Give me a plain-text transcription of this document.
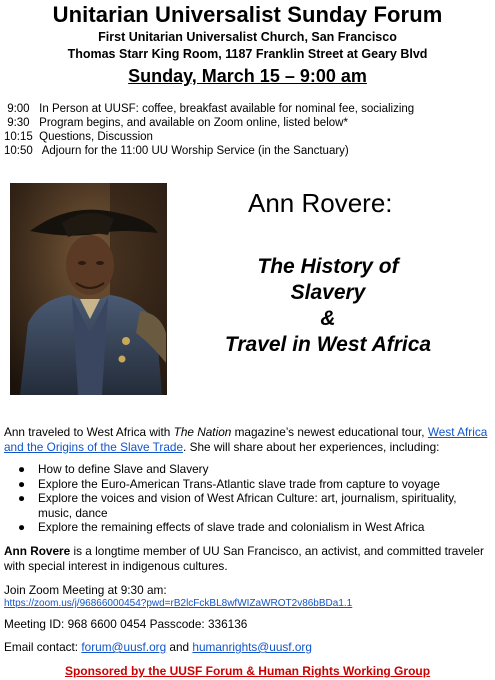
Unitarian Universalist Sunday Forum
First Unitarian Universalist Church, San Francisco
Thomas Starr King Room, 1187 Franklin Street at Geary Blvd
Sunday, March 15 – 9:00 am
9:00 In Person at UUSF: coffee, breakfast available for nominal fee, socializing
9:30 Program begins, and available on Zoom online, listed below*
10:15 Questions, Discussion
10:50 Adjourn for the 11:00 UU Worship Service (in the Sanctuary)
Ann Rovere:
The History of
Slavery
&
Travel in West Africa
Ann traveled to West Africa with The Nation magazine’s newest educational tour, West Africa and the Origins of the Slave Trade. She will share about her experiences, including:
● How to define Slave and Slavery
● Explore the Euro-American Trans-Atlantic slave trade from capture to voyage
● Explore the voices and vision of West African Culture: art, journalism, spirituality, music, dance
● Explore the remaining effects of slave trade and colonialism in West Africa
Ann Rovere is a longtime member of UU San Francisco, an activist, and committed traveler with special interest in indigenous cultures.
Join Zoom Meeting at 9:30 am:
https://zoom.us/j/96866000454?pwd=rB2lcFckBL8wfWIZaWROT2v86bBDa1.1
Meeting ID: 968 6600 0454 Passcode: 336136
Email contact: forum@uusf.org and humanrights@uusf.org
Sponsored by the UUSF Forum & Human Rights Working Group
